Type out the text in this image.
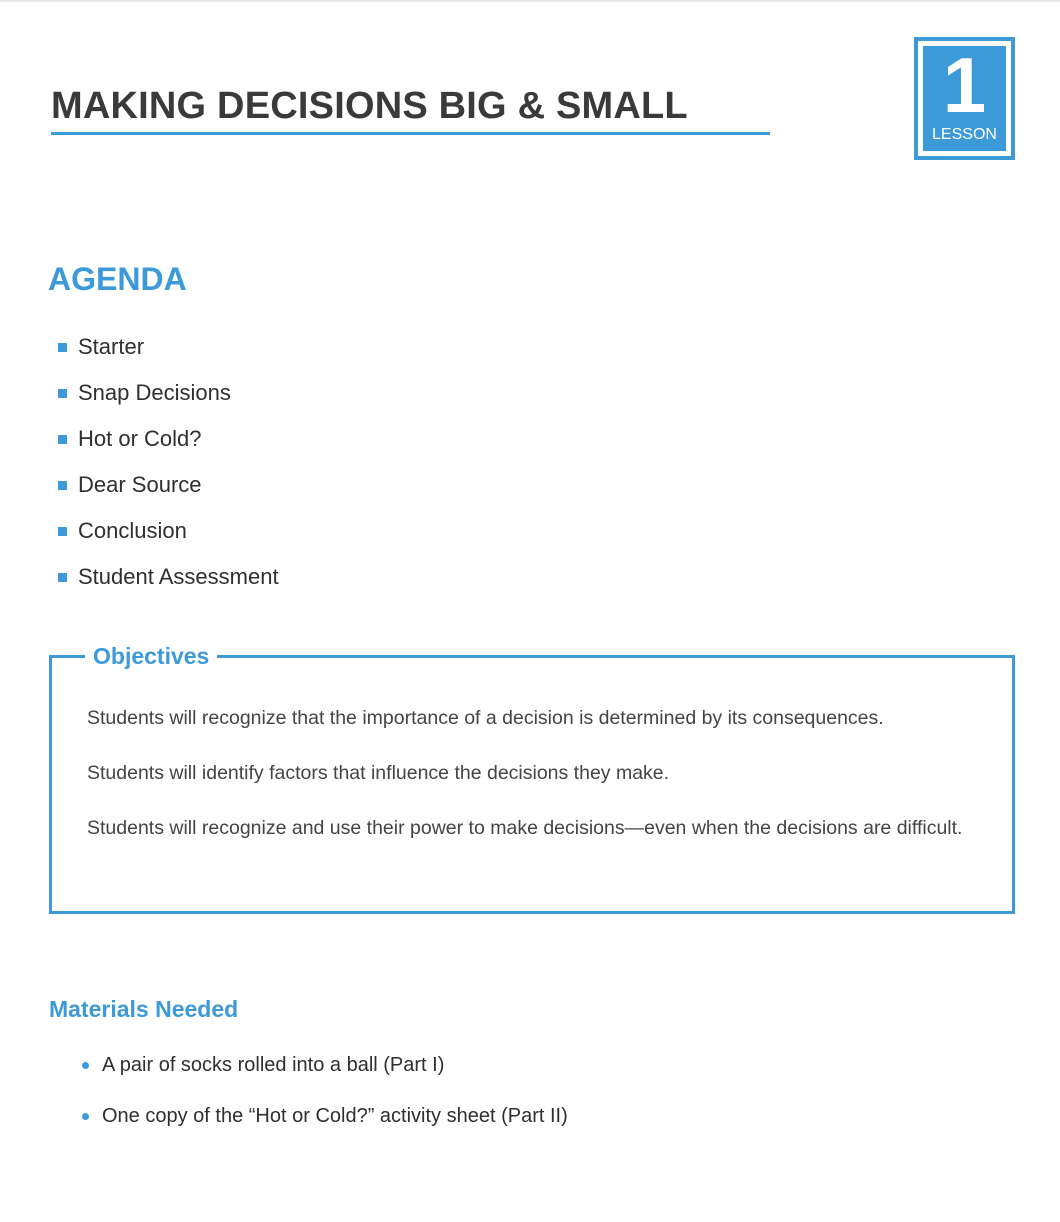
MAKING DECISIONS BIG & SMALL	1
LESSON
AGENDA
Starter
Snap Decisions
Hot or Cold?
Dear Source
Conclusion
Student Assessment
Objectives

Students will recognize that the importance of a decision is determined by its consequences.

Students will identify factors that influence the decisions they make.

Students will recognize and use their power to make decisions—even when the decisions are difficult.

Materials Needed
A pair of socks rolled into a ball (Part I)
One copy of the “Hot or Cold?” activity sheet (Part II)
